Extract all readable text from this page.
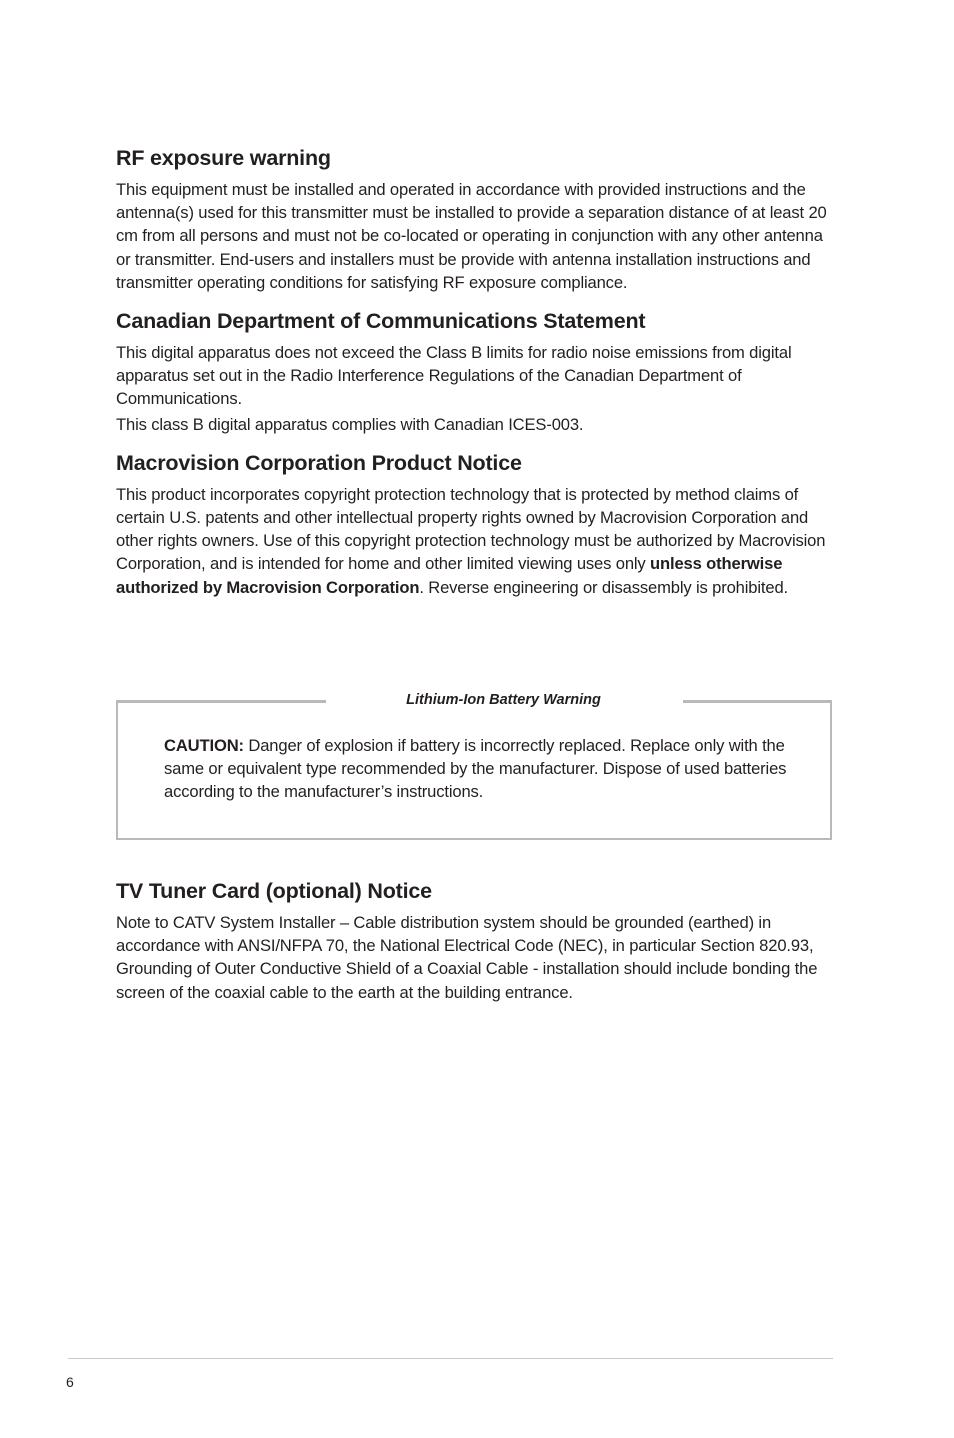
RF exposure warning

This equipment must be installed and operated in accordance with provided instructions and the antenna(s) used for this transmitter must be installed to provide a separation distance of at least 20 cm from all persons and must not be co-located or operating in conjunction with any other antenna or transmitter. End-users and installers must be provide with antenna installation instructions and transmitter operating conditions for satisfying RF exposure compliance.

Canadian Department of Communications Statement

This digital apparatus does not exceed the Class B limits for radio noise emissions from digital apparatus set out in the Radio Interference Regulations of the Canadian Department of Communications.

This class B digital apparatus complies with Canadian ICES-003.

Macrovision Corporation Product Notice

This product incorporates copyright protection technology that is protected by method claims of certain U.S. patents and other intellectual property rights owned by Macrovision Corporation and other rights owners. Use of this copyright protection technology must be authorized by Macrovision Corporation, and is intended for home and other limited viewing uses only unless otherwise authorized by Macrovision Corporation. Reverse engineering or disassembly is prohibited.

Lithium-Ion Battery Warning
CAUTION: Danger of explosion if battery is incorrectly replaced. Replace only with the same or equivalent type recommended by the manufacturer. Dispose of used batteries according to the manufacturer’s instructions.
TV Tuner Card (optional) Notice

Note to CATV System Installer – Cable distribution system should be grounded (earthed) in accordance with ANSI/NFPA 70, the National Electrical Code (NEC), in particular Section 820.93, Grounding of Outer Conductive Shield of a Coaxial Cable - installation should include bonding the screen of the coaxial cable to the earth at the building entrance.

6
